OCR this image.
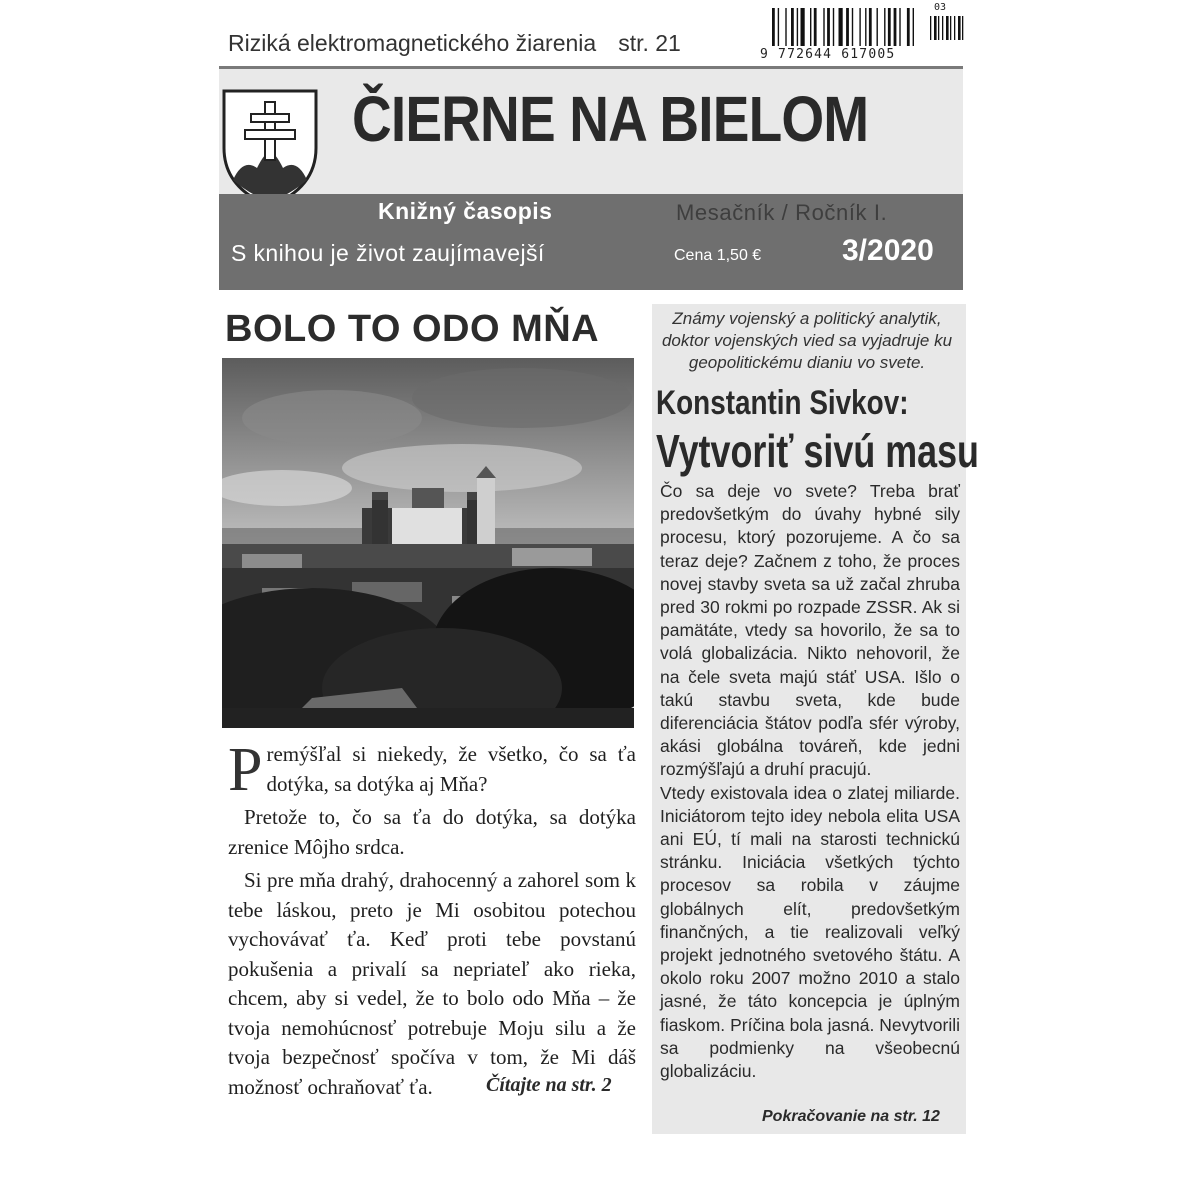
Riziká elektromagnetického žiarenia str. 21	9 772644 617005
03
ČIERNE NA BIELOM
Knižný časopis	Mesačník / Ročník I.
S knihou je život zaujímavejší	Cena 1,50 €	3/2020
BOLO TO ODO MŇA

Premýšľal si niekedy, že všetko, čo sa ťa dotýka, sa dotýka aj Mňa?

Pretože to, čo sa ťa do dotýka, sa dotýka zrenice Môjho srdca.

Si pre mňa drahý, drahocenný a zahorel som k tebe láskou, preto je Mi osobitou potechou vychovávať ťa. Keď proti tebe povstanú pokušenia a privalí sa nepriateľ ako rieka, chcem, aby si vedel, že to bolo odo Mňa – že tvoja nemohúcnosť potrebuje Moju silu a že tvoja bezpečnosť spočíva v tom, že Mi dáš možnosť ochraňovať ťa.	Čítajte na str. 2
Známy vojenský a politický analytik, doktor vojenských vied sa vyjadruje ku geopolitickému dianiu vo svete.
Konstantin Sivkov:
Vytvoriť sivú masu

Čo sa deje vo svete? Treba brať predovšetkým do úvahy hybné sily procesu, ktorý pozorujeme. A čo sa teraz deje? Začnem z toho, že proces novej stavby sveta sa už začal zhruba pred 30 rokmi po rozpade ZSSR. Ak si pamätáte, vtedy sa hovorilo, že sa to volá globalizácia. Nikto nehovoril, že na čele sveta majú stáť USA. Išlo o takú stavbu sveta, kde bude diferenciácia štátov podľa sfér výroby, akási globálna továreň, kde jedni rozmýšľajú a druhí pracujú.

Vtedy existovala idea o zlatej miliarde. Iniciátorom tejto idey nebola elita USA ani EÚ, tí mali na starosti technickú stránku. Iniciácia všetkých týchto procesov sa robila v záujme globálnych elít, predovšetkým finančných, a tie realizovali veľký projekt jednotného svetového štátu. A okolo roku 2007 možno 2010 a stalo jasné, že táto koncepcia je úplným fiaskom. Príčina bola jasná. Nevytvorili sa podmienky na všeobecnú globalizáciu.

Pokračovanie na str. 12
